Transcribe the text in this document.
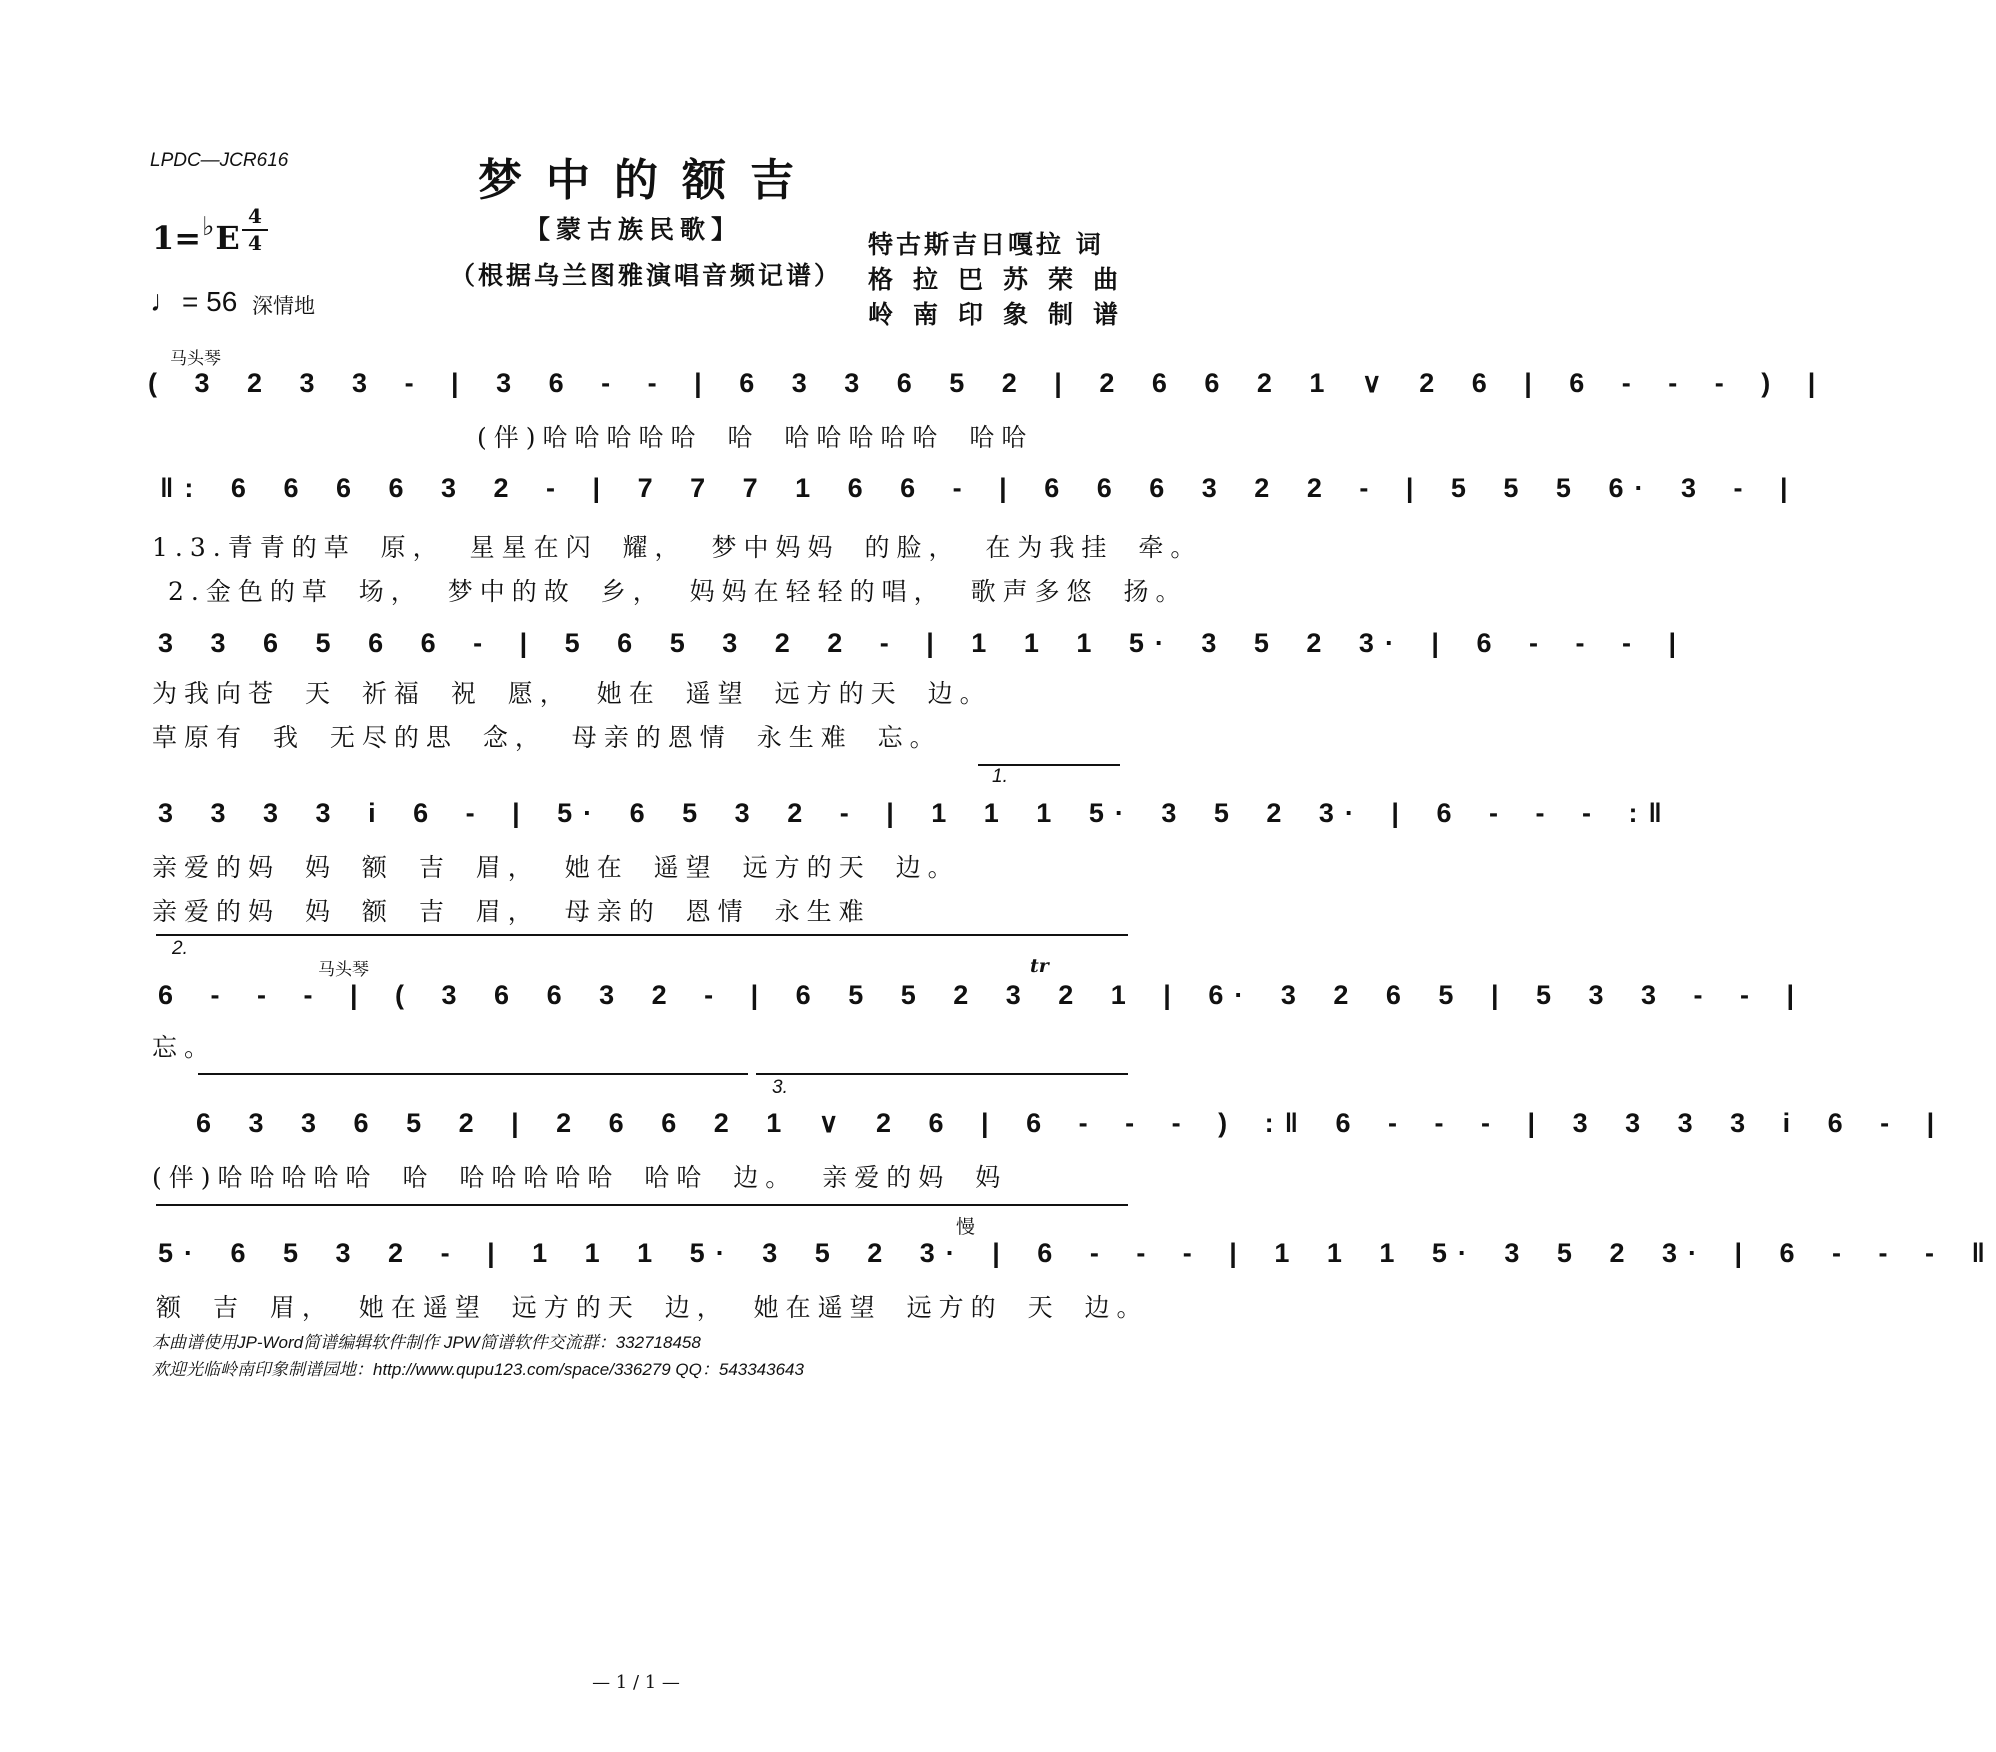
LPDC—JCR616	梦中的额吉
【蒙古族民歌】
（根据乌兰图雅演唱音频记谱）
特古斯吉日嘎拉 词
格拉巴苏荣曲
岭南印象制谱
1=♭E
4
4
♩= 56 深情地
马头琴
( 3 2 3 3 - | 3 6 - - | 6 3 3 6 5 2 | 2 6 6 2 1 ∨ 2 6 | 6 - - - ) |
(伴)哈哈哈哈哈 哈 哈哈哈哈哈 哈哈
‖: 6 6 6 6 3 2 - | 7 7 7 1 6 6 - | 6 6 6 3 2 2 - | 5 5 5 6· 3 - |
1.3.青青的草 原， 星星在闪 耀， 梦中妈妈 的脸， 在为我挂 牵。
2.金色的草 场， 梦中的故 乡， 妈妈在轻轻的唱， 歌声多悠 扬。
3 3 6 5 6 6 - | 5 6 5 3 2 2 - | 1 1 1 5· 3 5 2 3· | 6 - - - |
为我向苍 天 祈福 祝 愿， 她在 遥望 远方的天 边。
草原有 我 无尽的思 念， 母亲的恩情 永生难 忘。
1.
3 3 3 3 i 6 - | 5· 6 5 3 2 - | 1 1 1 5· 3 5 2 3· | 6 - - - :‖
亲爱的妈 妈 额 吉 眉， 她在 遥望 远方的天 边。
亲爱的妈 妈 额 吉 眉， 母亲的 恩情 永生难
2.
马头琴	tr
6 - - - | ( 3 6 6 3 2 - | 6 5 5 2 3 2 1 | 6· 3 2 6 5 | 5 3 3 - - |
忘。
3.
6 3 3 6 5 2 | 2 6 6 2 1 ∨ 2 6 | 6 - - - ) :‖ 6 - - - | 3 3 3 3 i 6 - |
(伴)哈哈哈哈哈 哈 哈哈哈哈哈 哈哈 边。 亲爱的妈 妈
慢
5· 6 5 3 2 - | 1 1 1 5· 3 5 2 3· | 6 - - - | 1 1 1 5· 3 5 2 3· | 6 - - - ‖
额 吉 眉， 她在遥望 远方的天 边， 她在遥望 远方的 天 边。
本曲谱使用JP-Word简谱编辑软件制作 JPW简谱软件交流群：332718458
欢迎光临岭南印象制谱园地：http://www.qupu123.com/space/336279 QQ：543343643
— 1 / 1 —
